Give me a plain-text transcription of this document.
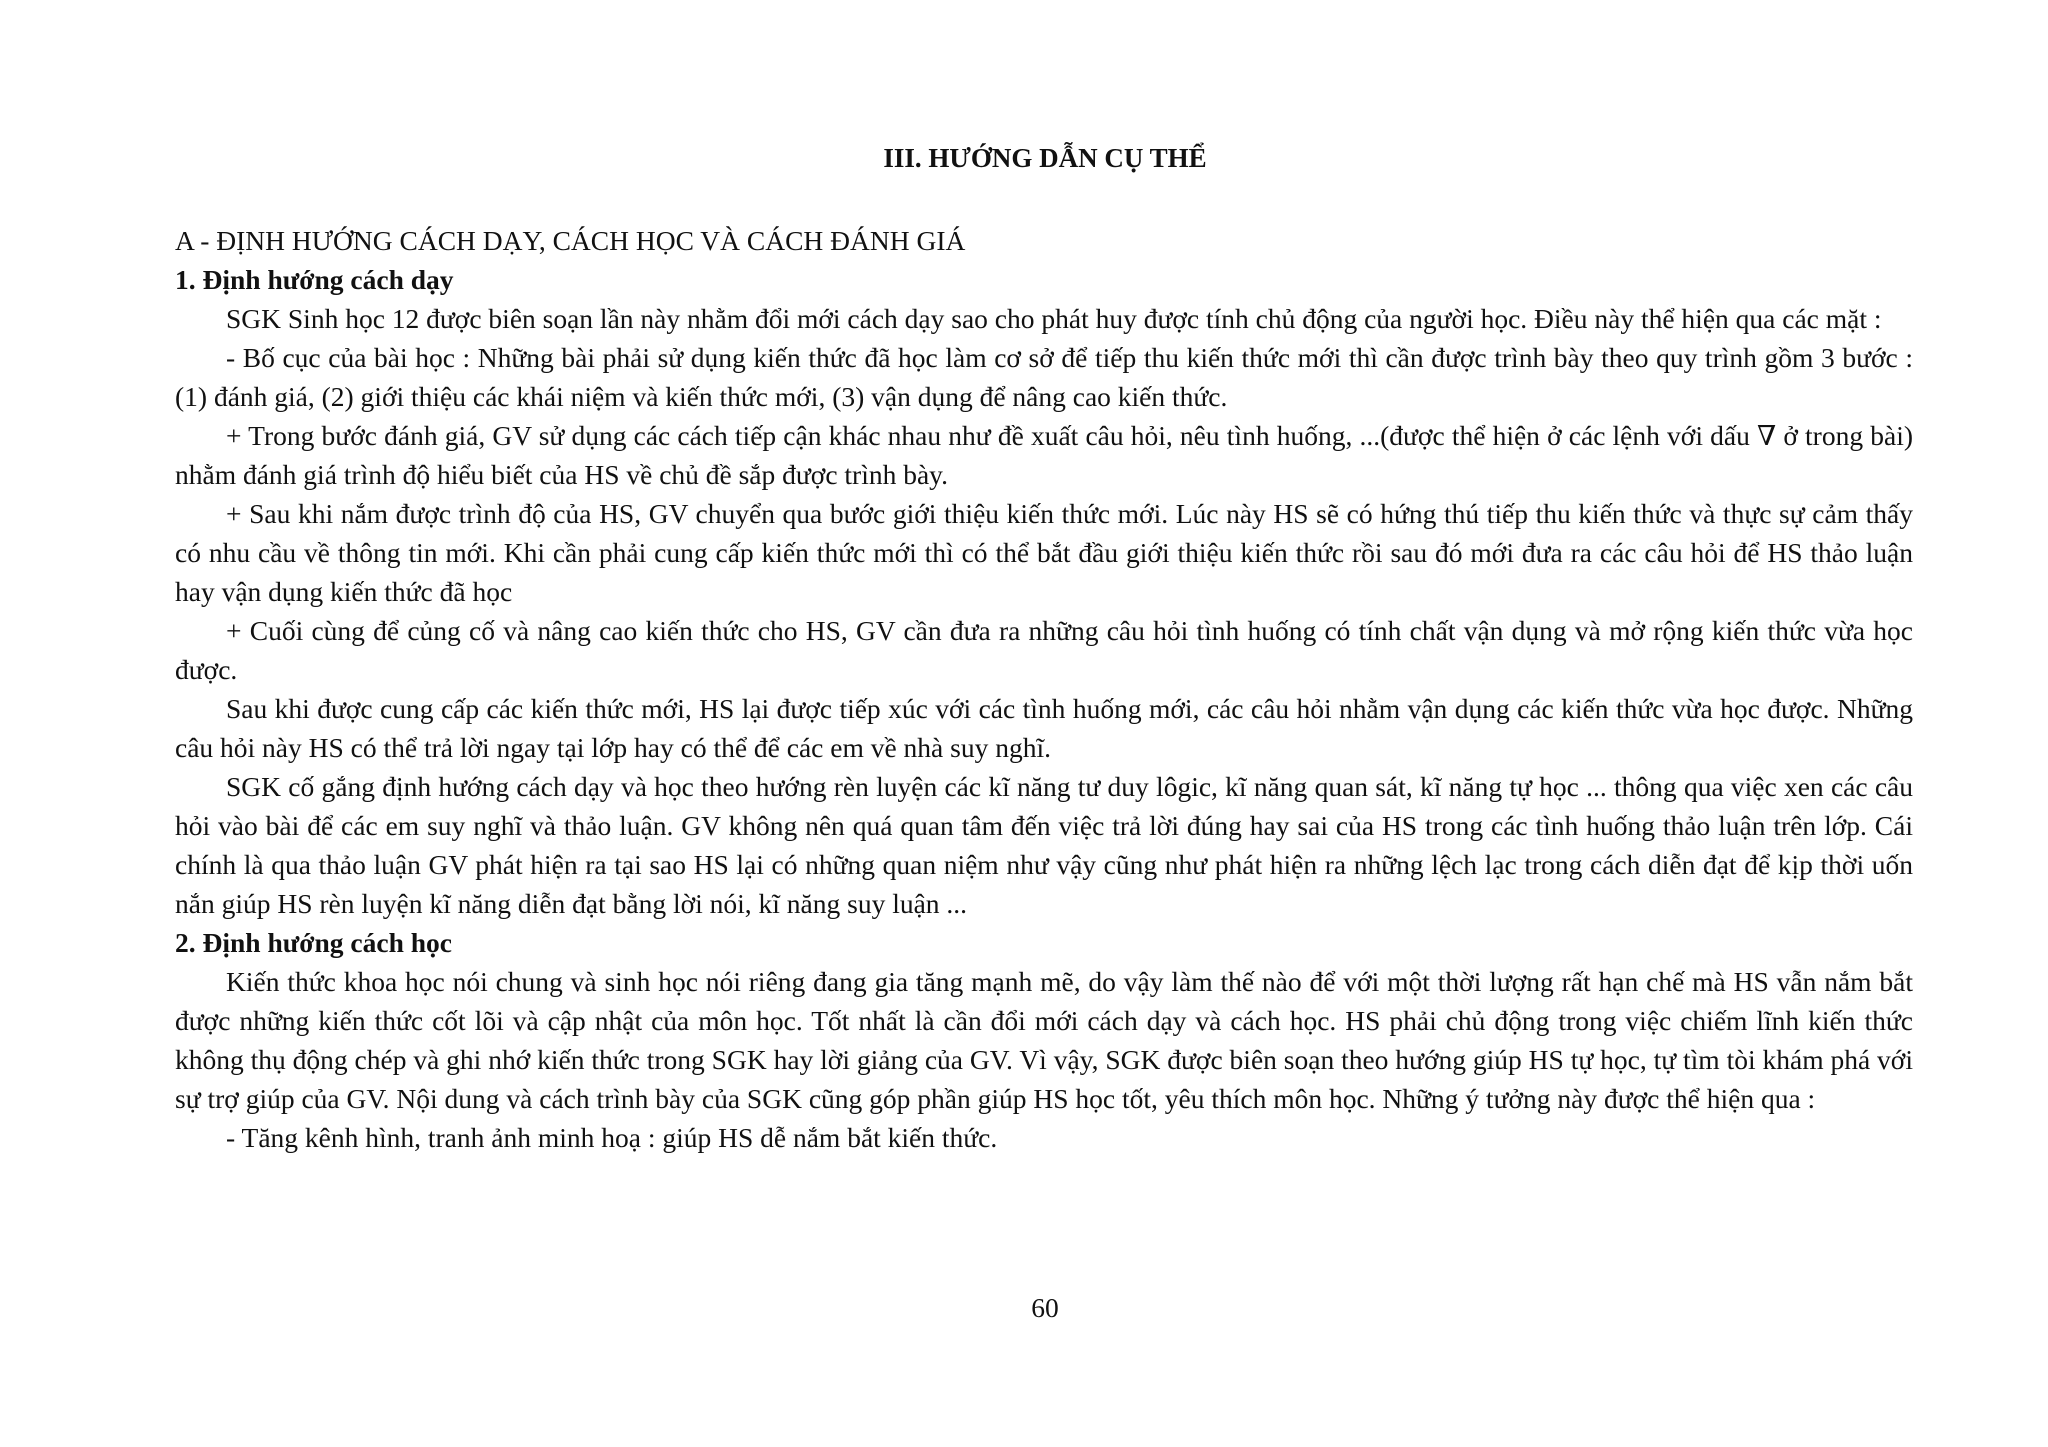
III. HƯỚNG DẪN CỤ THỂ

A - ĐỊNH HƯỚNG CÁCH DẠY, CÁCH HỌC VÀ CÁCH ĐÁNH GIÁ

1. Định hướng cách dạy

SGK Sinh học 12 được biên soạn lần này nhằm đổi mới cách dạy sao cho phát huy được tính chủ động của người học. Điều này thể hiện qua các mặt :

- Bố cục của bài học : Những bài phải sử dụng kiến thức đã học làm cơ sở để tiếp thu kiến thức mới thì cần được trình bày theo quy trình gồm 3 bước : (1) đánh giá, (2) giới thiệu các khái niệm và kiến thức mới, (3) vận dụng để nâng cao kiến thức.

+ Trong bước đánh giá, GV sử dụng các cách tiếp cận khác nhau như đề xuất câu hỏi, nêu tình huống, ...(được thể hiện ở các lệnh với dấu ∇ ở trong bài) nhằm đánh giá trình độ hiểu biết của HS về chủ đề sắp được trình bày.

+ Sau khi nắm được trình độ của HS, GV chuyển qua bước giới thiệu kiến thức mới. Lúc này HS sẽ có hứng thú tiếp thu kiến thức và thực sự cảm thấy có nhu cầu về thông tin mới. Khi cần phải cung cấp kiến thức mới thì có thể bắt đầu giới thiệu kiến thức rồi sau đó mới đưa ra các câu hỏi để HS thảo luận hay vận dụng kiến thức đã học

+ Cuối cùng để củng cố và nâng cao kiến thức cho HS, GV cần đưa ra những câu hỏi tình huống có tính chất vận dụng và mở rộng kiến thức vừa học được.

Sau khi được cung cấp các kiến thức mới, HS lại được tiếp xúc với các tình huống mới, các câu hỏi nhằm vận dụng các kiến thức vừa học được. Những câu hỏi này HS có thể trả lời ngay tại lớp hay có thể để các em về nhà suy nghĩ.

SGK cố gắng định hướng cách dạy và học theo hướng rèn luyện các kĩ năng tư duy lôgic, kĩ năng quan sát, kĩ năng tự học ... thông qua việc xen các câu hỏi vào bài để các em suy nghĩ và thảo luận. GV không nên quá quan tâm đến việc trả lời đúng hay sai của HS trong các tình huống thảo luận trên lớp. Cái chính là qua thảo luận GV phát hiện ra tại sao HS lại có những quan niệm như vậy cũng như phát hiện ra những lệch lạc trong cách diễn đạt để kịp thời uốn nắn giúp HS rèn luyện kĩ năng diễn đạt bằng lời nói, kĩ năng suy luận ...

2. Định hướng cách học

Kiến thức khoa học nói chung và sinh học nói riêng đang gia tăng mạnh mẽ, do vậy làm thế nào để với một thời lượng rất hạn chế mà HS vẫn nắm bắt được những kiến thức cốt lõi và cập nhật của môn học. Tốt nhất là cần đổi mới cách dạy và cách học. HS phải chủ động trong việc chiếm lĩnh kiến thức không thụ động chép và ghi nhớ kiến thức trong SGK hay lời giảng của GV. Vì vậy, SGK được biên soạn theo hướng giúp HS tự học, tự tìm tòi khám phá với sự trợ giúp của GV. Nội dung và cách trình bày của SGK cũng góp phần giúp HS học tốt, yêu thích môn học. Những ý tưởng này được thể hiện qua :

- Tăng kênh hình, tranh ảnh minh hoạ : giúp HS dễ nắm bắt kiến thức.

60
